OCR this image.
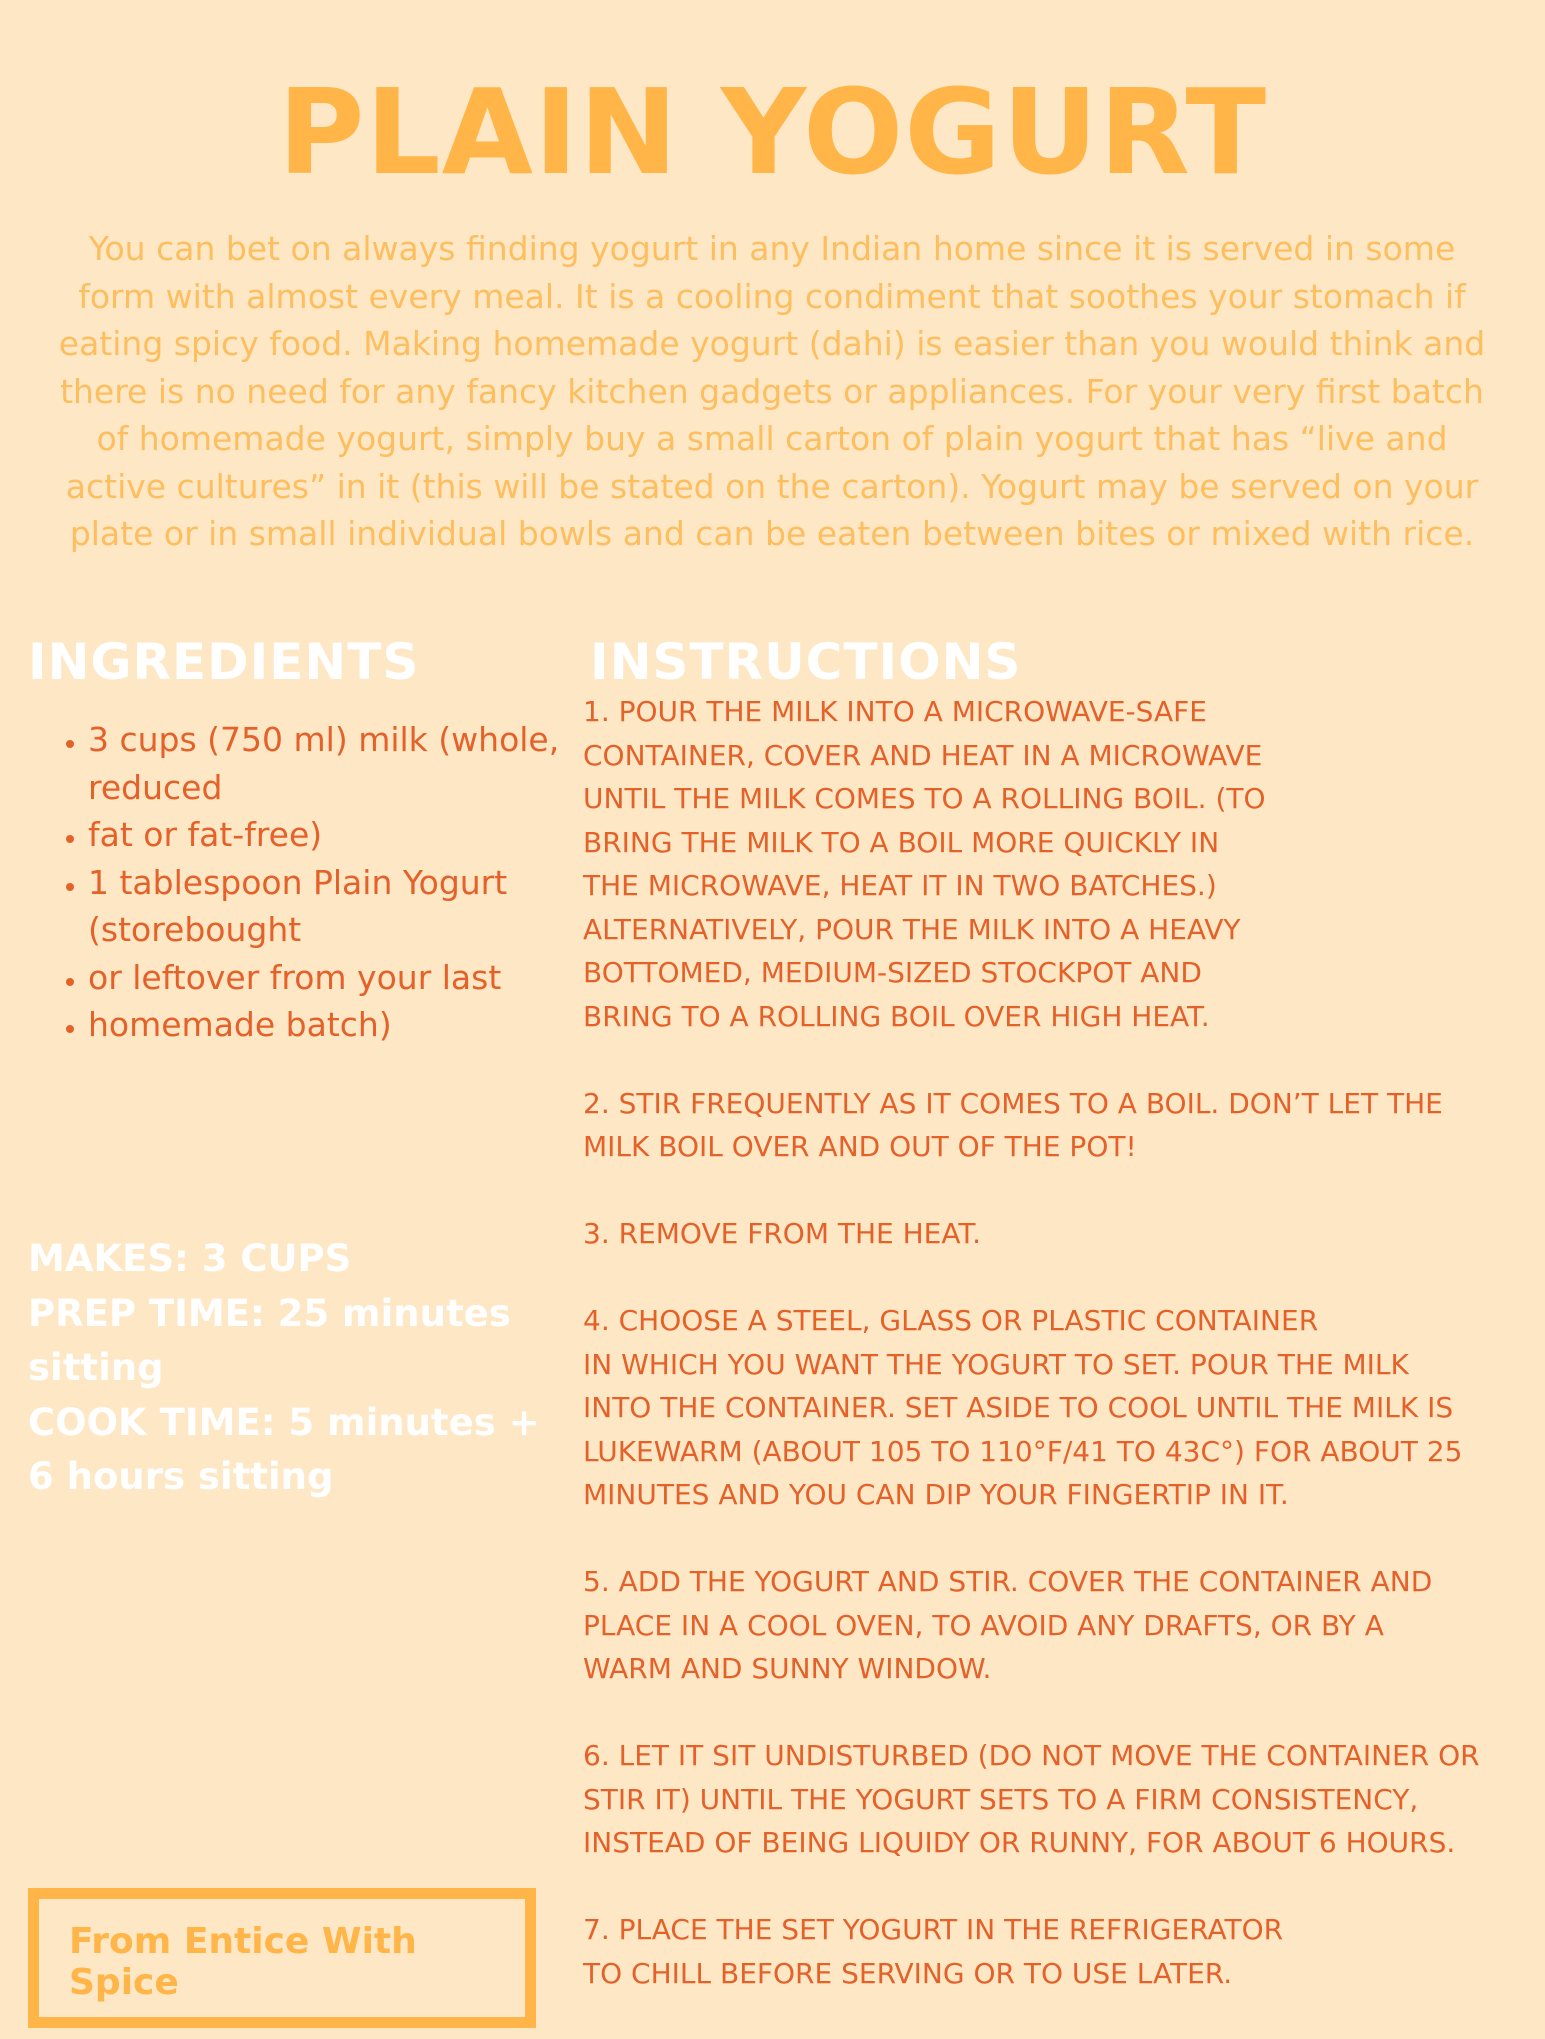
PLAIN YOGURT

You can bet on always finding yogurt in any Indian home since it is served in some form with almost every meal. It is a cooling condiment that soothes your stomach if eating spicy food. Making homemade yogurt (dahi) is easier than you would think and there is no need for any fancy kitchen gadgets or appliances. For your very first batch of homemade yogurt, simply buy a small carton of plain yogurt that has “live and active cultures” in it (this will be stated on the carton). Yogurt may be served on your plate or in small individual bowls and can be eaten between bites or mixed with rice.

INGREDIENTS	INSTRUCTIONS
• 3 cups (750 ml) milk (whole, reduced
• fat or fat-free)
• 1 tablespoon Plain Yogurt (storebought
• or leftover from your last
• homemade batch)
MAKES: 3 CUPS
PREP TIME: 25 minutes sitting
COOK TIME: 5 minutes + 6 hours sitting

1. POUR THE MILK INTO A MICROWAVE-SAFE
CONTAINER, COVER AND HEAT IN A MICROWAVE
UNTIL THE MILK COMES TO A ROLLING BOIL. (TO
BRING THE MILK TO A BOIL MORE QUICKLY IN
THE MICROWAVE, HEAT IT IN TWO BATCHES.)
ALTERNATIVELY, POUR THE MILK INTO A HEAVY
BOTTOMED, MEDIUM-SIZED STOCKPOT AND
BRING TO A ROLLING BOIL OVER HIGH HEAT.

2. STIR FREQUENTLY AS IT COMES TO A BOIL. DON’T LET THE
MILK BOIL OVER AND OUT OF THE POT!

3. REMOVE FROM THE HEAT.

4. CHOOSE A STEEL, GLASS OR PLASTIC CONTAINER
IN WHICH YOU WANT THE YOGURT TO SET. POUR THE MILK
INTO THE CONTAINER. SET ASIDE TO COOL UNTIL THE MILK IS
LUKEWARM (ABOUT 105 TO 110°F/41 TO 43C°) FOR ABOUT 25
MINUTES AND YOU CAN DIP YOUR FINGERTIP IN IT.

5. ADD THE YOGURT AND STIR. COVER THE CONTAINER AND
PLACE IN A COOL OVEN, TO AVOID ANY DRAFTS, OR BY A
WARM AND SUNNY WINDOW.

6. LET IT SIT UNDISTURBED (DO NOT MOVE THE CONTAINER OR
STIR IT) UNTIL THE YOGURT SETS TO A FIRM CONSISTENCY,
INSTEAD OF BEING LIQUIDY OR RUNNY, FOR ABOUT 6 HOURS.

7. PLACE THE SET YOGURT IN THE REFRIGERATOR
TO CHILL BEFORE SERVING OR TO USE LATER.

From Entice With Spice
